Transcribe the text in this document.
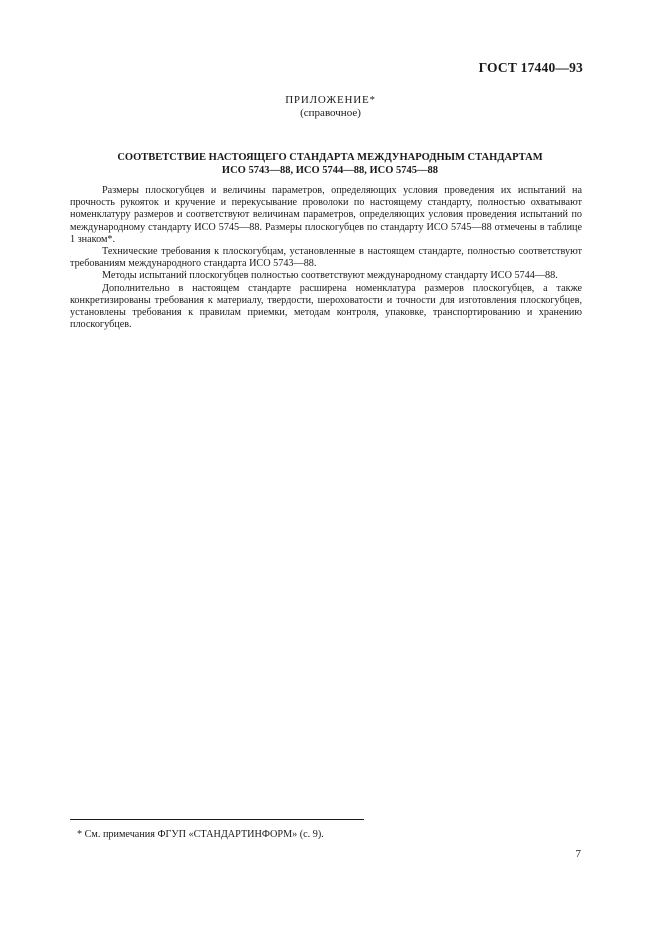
ГОСТ 17440—93
ПРИЛОЖЕНИЕ*
(справочное)
СООТВЕТСТВИЕ НАСТОЯЩЕГО СТАНДАРТА МЕЖДУНАРОДНЫМ СТАНДАРТАМ
ИСО 5743—88, ИСО 5744—88, ИСО 5745—88

Размеры плоскогубцев и величины параметров, определяющих условия проведения их испытаний на прочность рукояток и кручение и перекусывание проволоки по настоящему стандарту, полностью охватывают номенклатуру размеров и соответствуют величинам параметров, определяющих условия проведения испытаний по международному стандарту ИСО 5745—88. Размеры плоскогубцев по стандарту ИСО 5745—88 отмечены в таблице 1 знаком*.

Технические требования к плоскогубцам, установленные в настоящем стандарте, полностью соответствуют требованиям международного стандарта ИСО 5743—88.

Методы испытаний плоскогубцев полностью соответствуют международному стандарту ИСО 5744—88.

Дополнительно в настоящем стандарте расширена номенклатура размеров плоскогубцев, а также конкретизированы требования к материалу, твердости, шероховатости и точности для изготовления плоскогубцев, установлены требования к правилам приемки, методам контроля, упаковке, транспортированию и хранению плоскогубцев.

* См. примечания ФГУП «СТАНДАРТИНФОРМ» (с. 9).
7
